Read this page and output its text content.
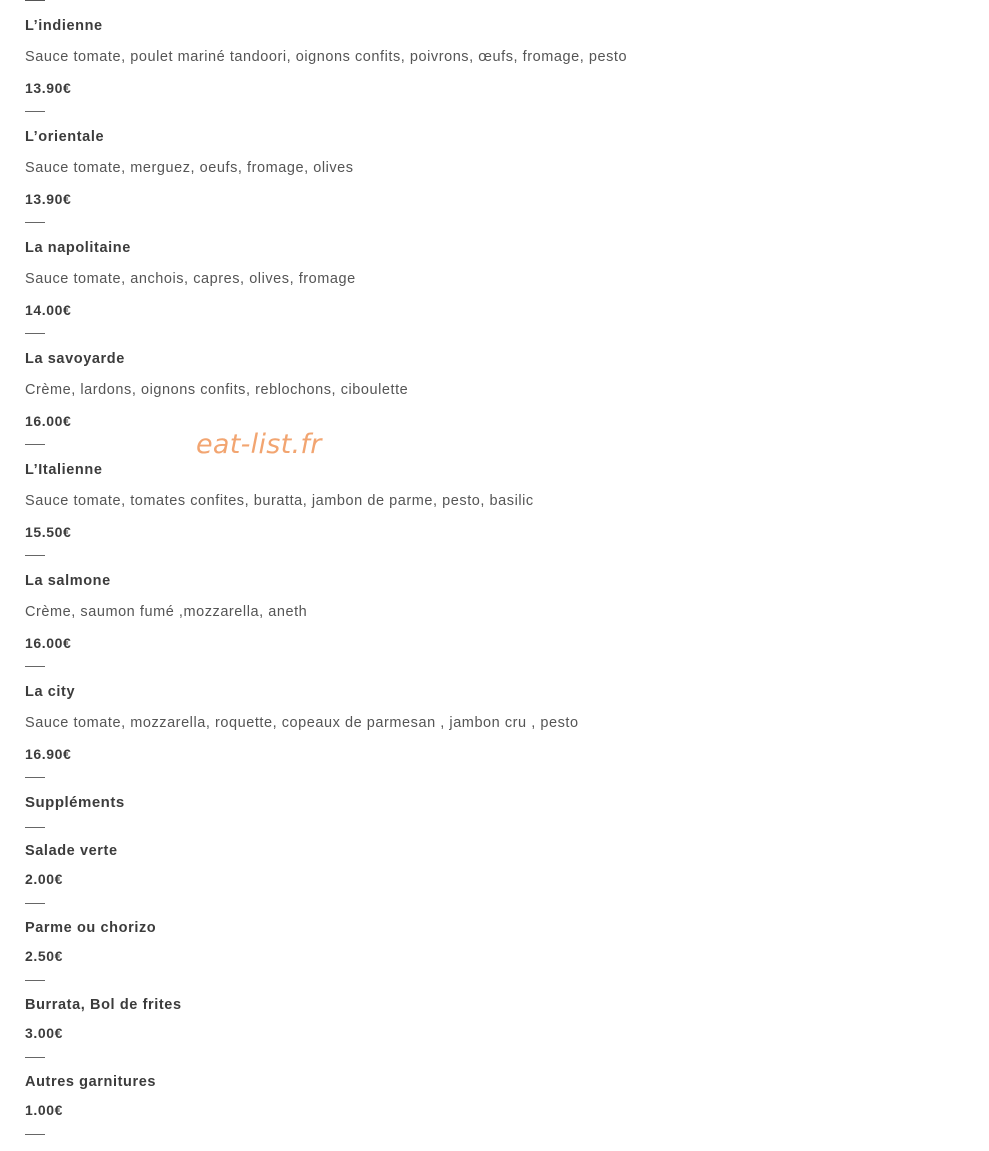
L’indienne
Sauce tomate, poulet mariné tandoori, oignons confits, poivrons, œufs, fromage, pesto
13.90€
L’orientale
Sauce tomate, merguez, oeufs, fromage, olives
13.90€
La napolitaine
Sauce tomate, anchois, capres, olives, fromage
14.00€
La savoyarde
Crème, lardons, oignons confits, reblochons, ciboulette
16.00€
L’Italienne
Sauce tomate, tomates confites, buratta, jambon de parme, pesto, basilic
15.50€
La salmone
Crème, saumon fumé ,mozzarella, aneth
16.00€
La city
Sauce tomate, mozzarella, roquette, copeaux de parmesan , jambon cru , pesto
16.90€
Suppléments
Salade verte
2.00€
Parme ou chorizo
2.50€
Burrata, Bol de frites
3.00€
Autres garnitures
1.00€
eat-list.fr
